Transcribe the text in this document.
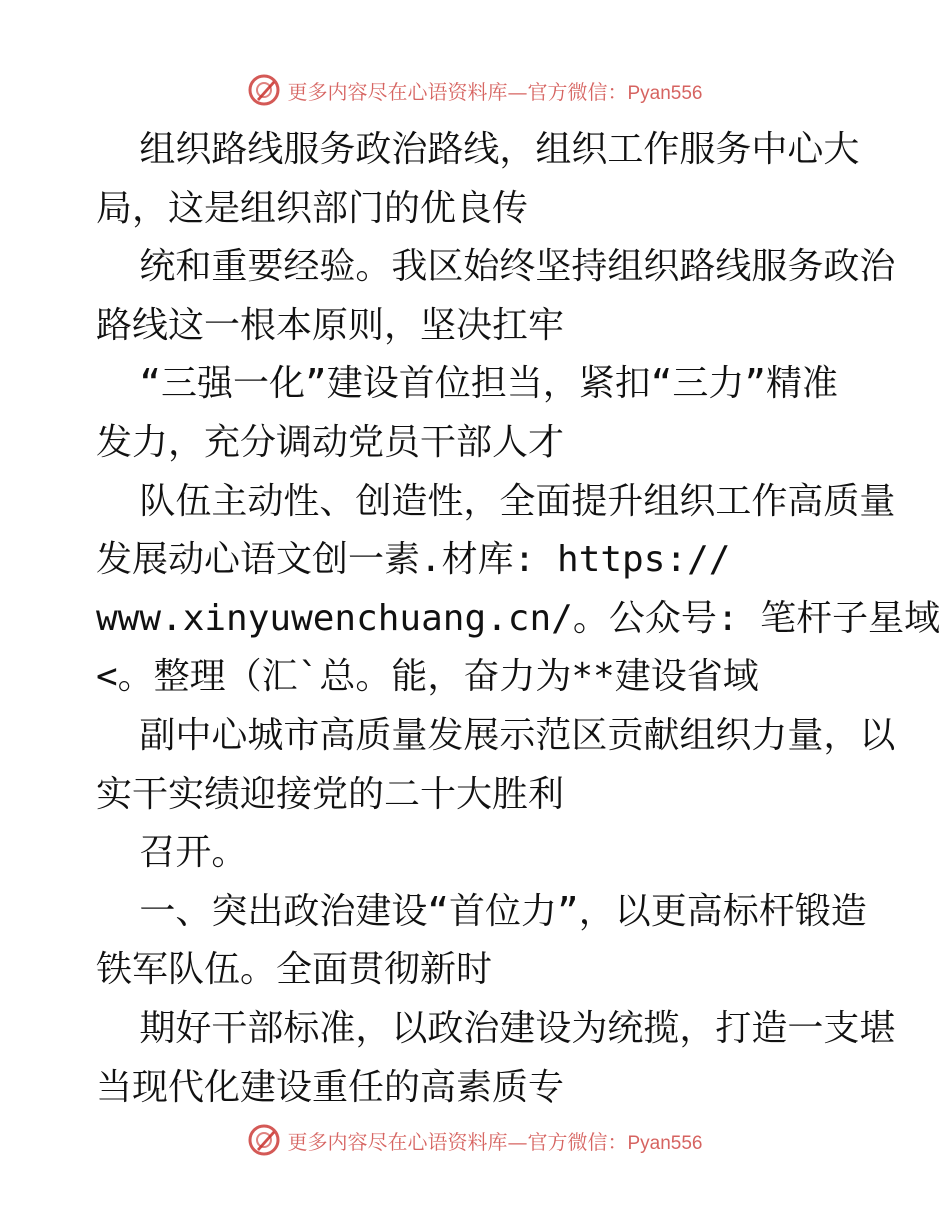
更多内容尽在心语资料库—官方微信：Pyan556
组织路线服务政治路线，组织工作服务中心大
局，这是组织部门的优良传
统和重要经验。我区始终坚持组织路线服务政治
路线这一根本原则，坚决扛牢
“三强一化”建设首位担当，紧扣“三力”精准
发力，充分调动党员干部人才
队伍主动性、创造性，全面提升组织工作高质量
发展动心语文创一素.材库: https://
www.xinyuwenchuang.cn/。公众号: 笔杆子星域
<。整理（汇`总。能，奋力为**建设省域
副中心城市高质量发展示范区贡献组织力量，以
实干实绩迎接党的二十大胜利
召开。
一、突出政治建设“首位力”，以更高标杆锻造
铁军队伍。全面贯彻新时
期好干部标准，以政治建设为统揽，打造一支堪
当现代化建设重任的高素质专
更多内容尽在心语资料库—官方微信：Pyan556
